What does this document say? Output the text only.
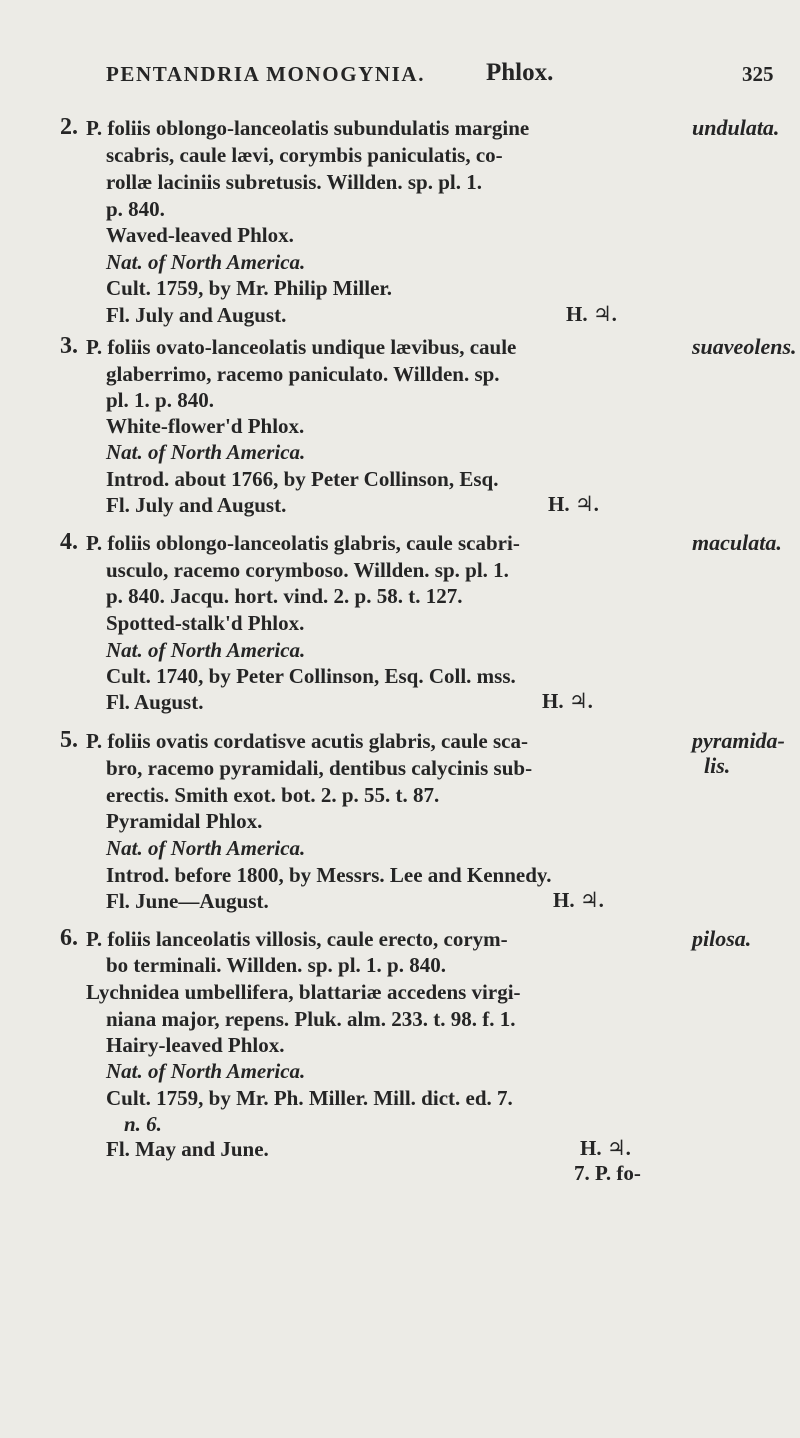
PENTANDRIA MONOGYNIA. Phlox.	325
2. P. foliis oblongo-lanceolatis subundulatis margine	undulata.
scabris, caule lævi, corymbis paniculatis, co-
rollæ laciniis subretusis. Willden. sp. pl. 1.
p. 840.
Waved-leaved Phlox.
Nat. of North America.
Cult. 1759, by Mr. Philip Miller.
Fl. July and August.	H. ♃.
3. P. foliis ovato-lanceolatis undique lævibus, caule	suaveolens.
glaberrimo, racemo paniculato. Willden. sp.
pl. 1. p. 840.
White-flower'd Phlox.
Nat. of North America.
Introd. about 1766, by Peter Collinson, Esq.
Fl. July and August.	H. ♃.
4. P. foliis oblongo-lanceolatis glabris, caule scabri-	maculata.
usculo, racemo corymboso. Willden. sp. pl. 1.
p. 840. Jacqu. hort. vind. 2. p. 58. t. 127.
Spotted-stalk'd Phlox.
Nat. of North America.
Cult. 1740, by Peter Collinson, Esq. Coll. mss.
Fl. August.	H. ♃.
5. P. foliis ovatis cordatisve acutis glabris, caule sca-	pyramida-
lis.
bro, racemo pyramidali, dentibus calycinis sub-
erectis. Smith exot. bot. 2. p. 55. t. 87.
Pyramidal Phlox.
Nat. of North America.
Introd. before 1800, by Messrs. Lee and Kennedy.
Fl. June—August.	H. ♃.
6. P. foliis lanceolatis villosis, caule erecto, corym-	pilosa.
bo terminali. Willden. sp. pl. 1. p. 840.
Lychnidea umbellifera, blattariæ accedens virgi-
niana major, repens. Pluk. alm. 233. t. 98. f. 1.
Hairy-leaved Phlox.
Nat. of North America.
Cult. 1759, by Mr. Ph. Miller. Mill. dict. ed. 7.
n. 6.
Fl. May and June.	H. ♃.
7. P. fo-
